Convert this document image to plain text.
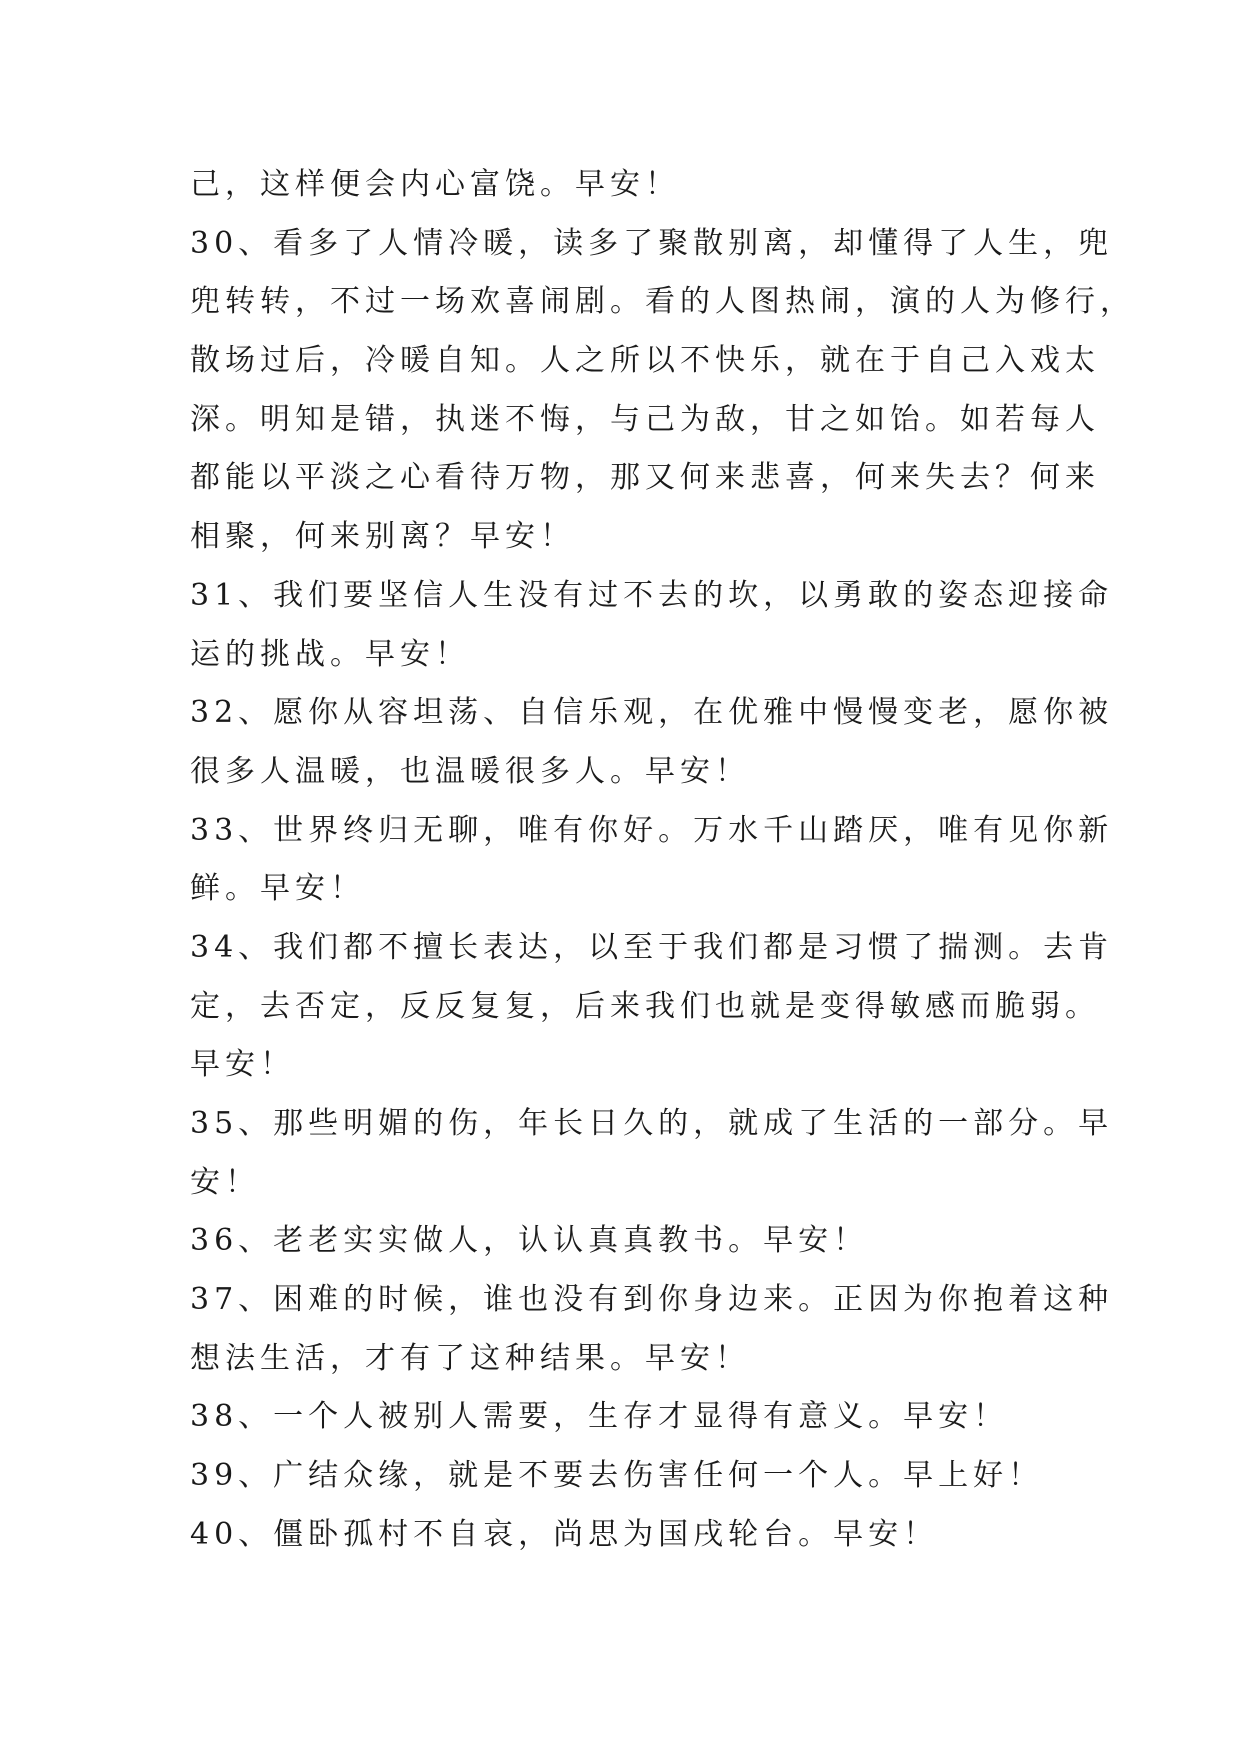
己，这样便会内心富饶。早安！
30、看多了人情冷暖，读多了聚散别离，却懂得了人生，兜
兜转转，不过一场欢喜闹剧。看的人图热闹，演的人为修行，
散场过后，冷暖自知。人之所以不快乐，就在于自己入戏太
深。明知是错，执迷不悔，与己为敌，甘之如饴。如若每人
都能以平淡之心看待万物，那又何来悲喜，何来失去？何来
相聚，何来别离？早安！
31、我们要坚信人生没有过不去的坎，以勇敢的姿态迎接命
运的挑战。早安！
32、愿你从容坦荡、自信乐观，在优雅中慢慢变老，愿你被
很多人温暖，也温暖很多人。早安！
33、世界终归无聊，唯有你好。万水千山踏厌，唯有见你新
鲜。早安！
34、我们都不擅长表达，以至于我们都是习惯了揣测。去肯
定，去否定，反反复复，后来我们也就是变得敏感而脆弱。
早安！
35、那些明媚的伤，年长日久的，就成了生活的一部分。早
安！
36、老老实实做人，认认真真教书。早安！
37、困难的时候，谁也没有到你身边来。正因为你抱着这种
想法生活，才有了这种结果。早安！
38、一个人被别人需要，生存才显得有意义。早安！
39、广结众缘，就是不要去伤害任何一个人。早上好！
40、僵卧孤村不自哀，尚思为国戌轮台。早安！
